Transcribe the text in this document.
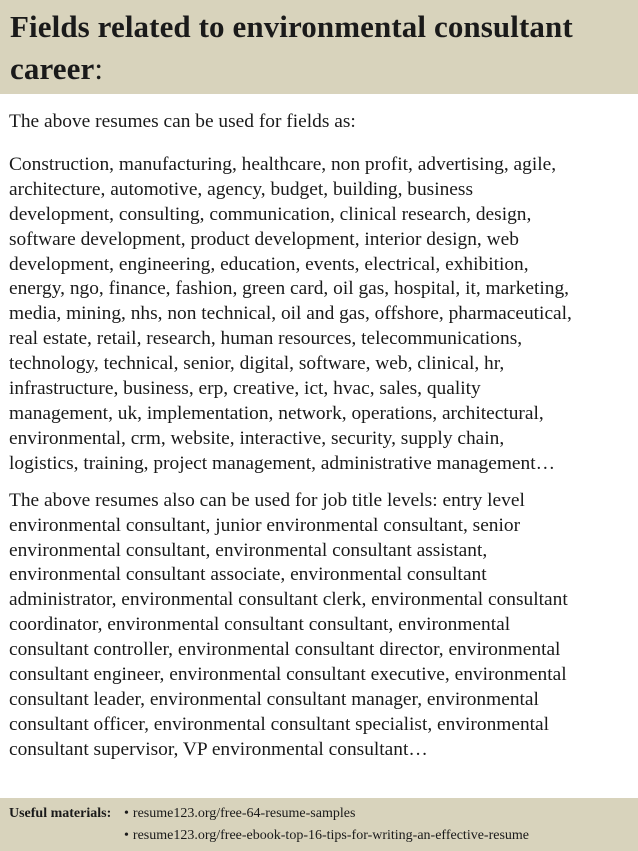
Fields related to environmental consultant career:

The above resumes can be used for fields as:

Construction, manufacturing, healthcare, non profit, advertising, agile,
architecture, automotive, agency, budget, building, business
development, consulting, communication, clinical research, design,
software development, product development, interior design, web
development, engineering, education, events, electrical, exhibition,
energy, ngo, finance, fashion, green card, oil gas, hospital, it, marketing,
media, mining, nhs, non technical, oil and gas, offshore, pharmaceutical,
real estate, retail, research, human resources, telecommunications,
technology, technical, senior, digital, software, web, clinical, hr,
infrastructure, business, erp, creative, ict, hvac, sales, quality
management, uk, implementation, network, operations, architectural,
environmental, crm, website, interactive, security, supply chain,
logistics, training, project management, administrative management…
The above resumes also can be used for job title levels: entry level
environmental consultant, junior environmental consultant, senior
environmental consultant, environmental consultant assistant,
environmental consultant associate, environmental consultant
administrator, environmental consultant clerk, environmental consultant
coordinator, environmental consultant consultant, environmental
consultant controller, environmental consultant director, environmental
consultant engineer, environmental consultant executive, environmental
consultant leader, environmental consultant manager, environmental
consultant officer, environmental consultant specialist, environmental
consultant supervisor, VP environmental consultant…
Useful materials: • resume123.org/free-64-resume-samples
• resume123.org/free-ebook-top-16-tips-for-writing-an-effective-resume
